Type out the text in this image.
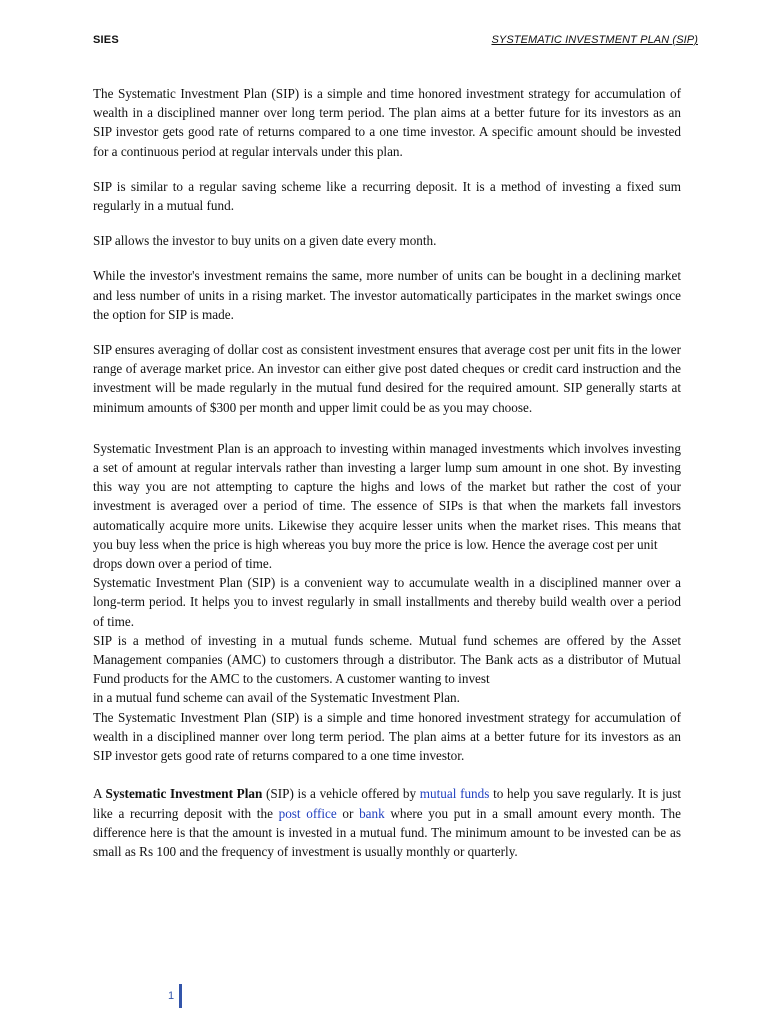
SIES	SYSTEMATIC INVESTMENT PLAN (SIP)

The Systematic Investment Plan (SIP) is a simple and time honored investment strategy for accumulation of wealth in a disciplined manner over long term period. The plan aims at a better future for its investors as an SIP investor gets good rate of returns compared to a one time investor. A specific amount should be invested for a continuous period at regular intervals under this plan.

SIP is similar to a regular saving scheme like a recurring deposit. It is a method of investing a fixed sum regularly in a mutual fund.

SIP allows the investor to buy units on a given date every month.

While the investor's investment remains the same, more number of units can be bought in a declining market and less number of units in a rising market. The investor automatically participates in the market swings once the option for SIP is made.

SIP ensures averaging of dollar cost as consistent investment ensures that average cost per unit fits in the lower range of average market price. An investor can either give post dated cheques or credit card instruction and the investment will be made regularly in the mutual fund desired for the required amount. SIP generally starts at minimum amounts of $300 per month and upper limit could be as you may choose.

Systematic Investment Plan is an approach to investing within managed investments which involves investing a set of amount at regular intervals rather than investing a larger lump sum amount in one shot. By investing this way you are not attempting to capture the highs and lows of the market but rather the cost of your investment is averaged over a period of time. The essence of SIPs is that when the markets fall investors automatically acquire more units. Likewise they acquire lesser units when the market rises. This means that you buy less when the price is high whereas you buy more the price is low. Hence the average cost per unit

drops down over a period of time.

Systematic Investment Plan (SIP) is a convenient way to accumulate wealth in a disciplined manner over a long-term period. It helps you to invest regularly in small installments and thereby build wealth over a period of time.

SIP is a method of investing in a mutual funds scheme. Mutual fund schemes are offered by the Asset Management companies (AMC) to customers through a distributor. The Bank acts as a distributor of Mutual Fund products for the AMC to the customers. A customer wanting to invest

in a mutual fund scheme can avail of the Systematic Investment Plan.

The Systematic Investment Plan (SIP) is a simple and time honored investment strategy for accumulation of wealth in a disciplined manner over long term period. The plan aims at a better future for its investors as an SIP investor gets good rate of returns compared to a one time investor.

A Systematic Investment Plan (SIP) is a vehicle offered by mutual funds to help you save regularly. It is just like a recurring deposit with the post office or bank where you put in a small amount every month. The difference here is that the amount is invested in a mutual fund. The minimum amount to be invested can be as small as Rs 100 and the frequency of investment is usually monthly or quarterly.

1
